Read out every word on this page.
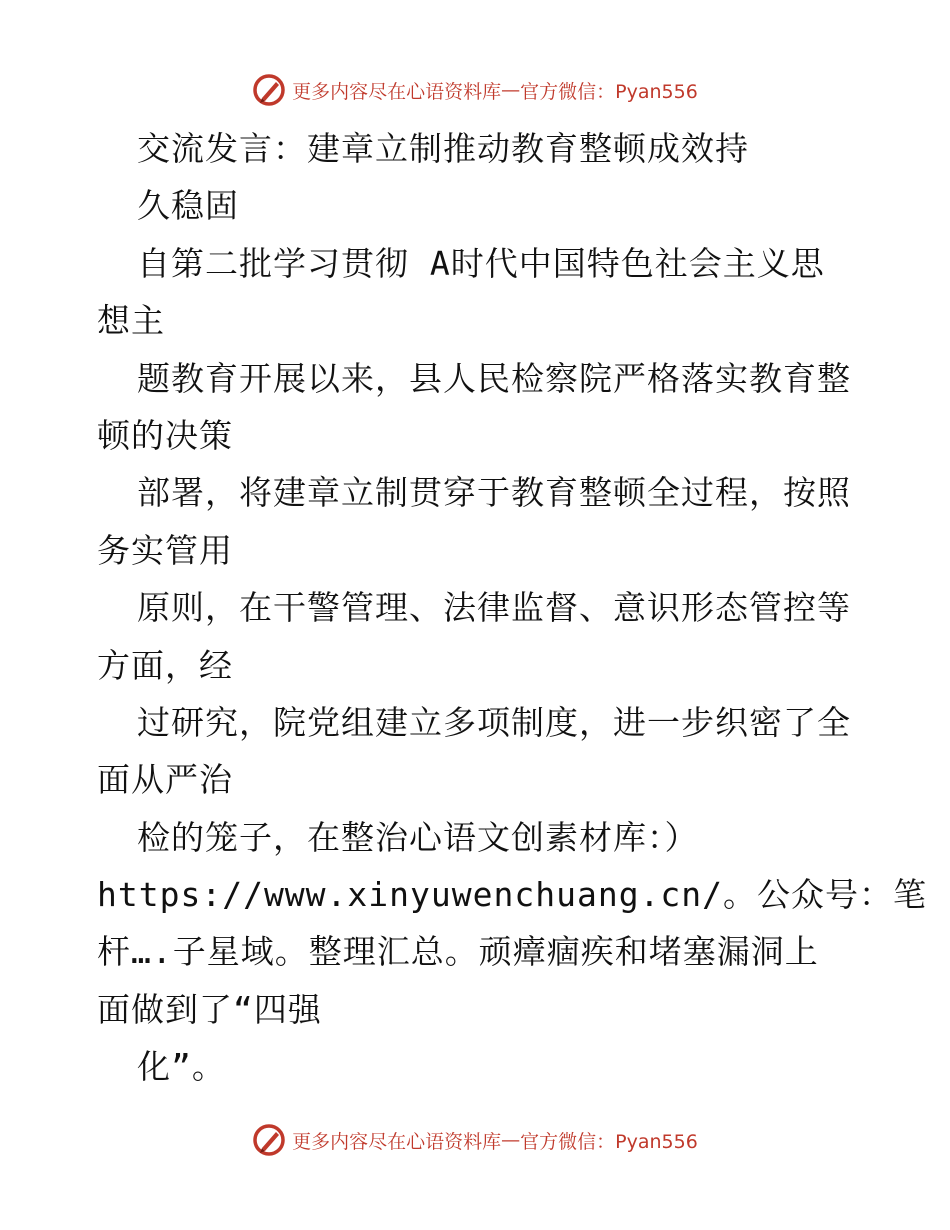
更多内容尽在心语资料库 — 官方微信：Pyan556
交流发言：建章立制推动教育整顿成效持
久稳固
自第二批学习贯彻 A时代中国特色社会主义思
想主
题教育开展以来，县人民检察院严格落实教育整
顿的决策
部署，将建章立制贯穿于教育整顿全过程，按照
务实管用
原则，在干警管理、法律监督、意识形态管控等
方面，经
过研究，院党组建立多项制度，进一步织密了全
面从严治
检的笼子，在整治心语文创素材库：）
https://www.xinyuwenchuang.cn/。公众号：笔
杆….子星域。整理汇总。顽瘴痼疾和堵塞漏洞上
面做到了“四强
化”。
更多内容尽在心语资料库 — 官方微信：Pyan556
